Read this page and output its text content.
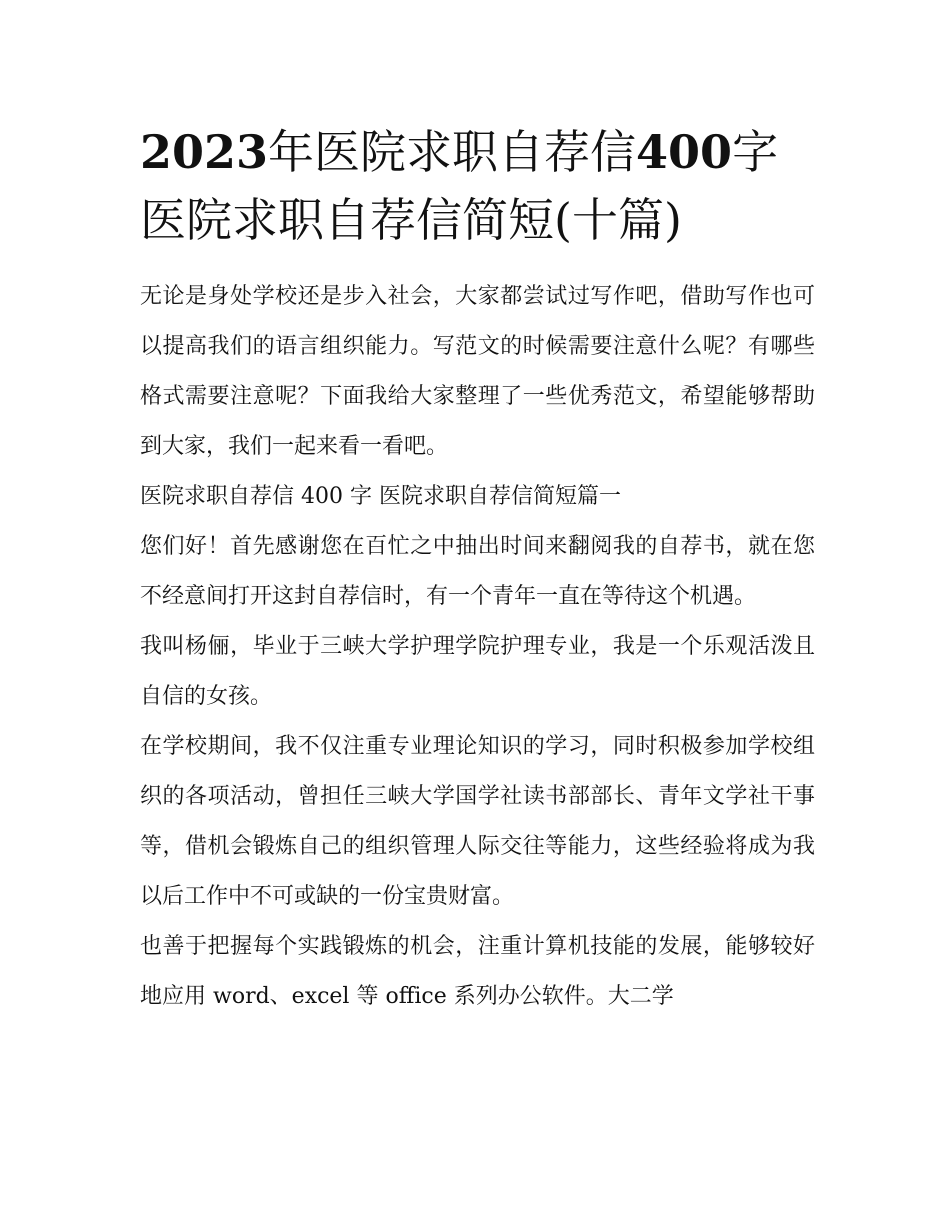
2023年医院求职自荐信400字医院求职自荐信简短(十篇)

无论是身处学校还是步入社会，大家都尝试过写作吧，借助写作也可以提高我们的语言组织能力。写范文的时候需要注意什么呢？有哪些格式需要注意呢？下面我给大家整理了一些优秀范文，希望能够帮助到大家，我们一起来看一看吧。

医院求职自荐信 400 字 医院求职自荐信简短篇一

您们好！首先感谢您在百忙之中抽出时间来翻阅我的自荐书，就在您不经意间打开这封自荐信时，有一个青年一直在等待这个机遇。

我叫杨俪，毕业于三峡大学护理学院护理专业，我是一个乐观活泼且自信的女孩。

在学校期间，我不仅注重专业理论知识的学习，同时积极参加学校组织的各项活动，曾担任三峡大学国学社读书部部长、青年文学社干事等，借机会锻炼自己的组织管理人际交往等能力，这些经验将成为我以后工作中不可或缺的一份宝贵财富。

也善于把握每个实践锻炼的机会，注重计算机技能的发展，能够较好地应用 word、excel 等 office 系列办公软件。大二学
